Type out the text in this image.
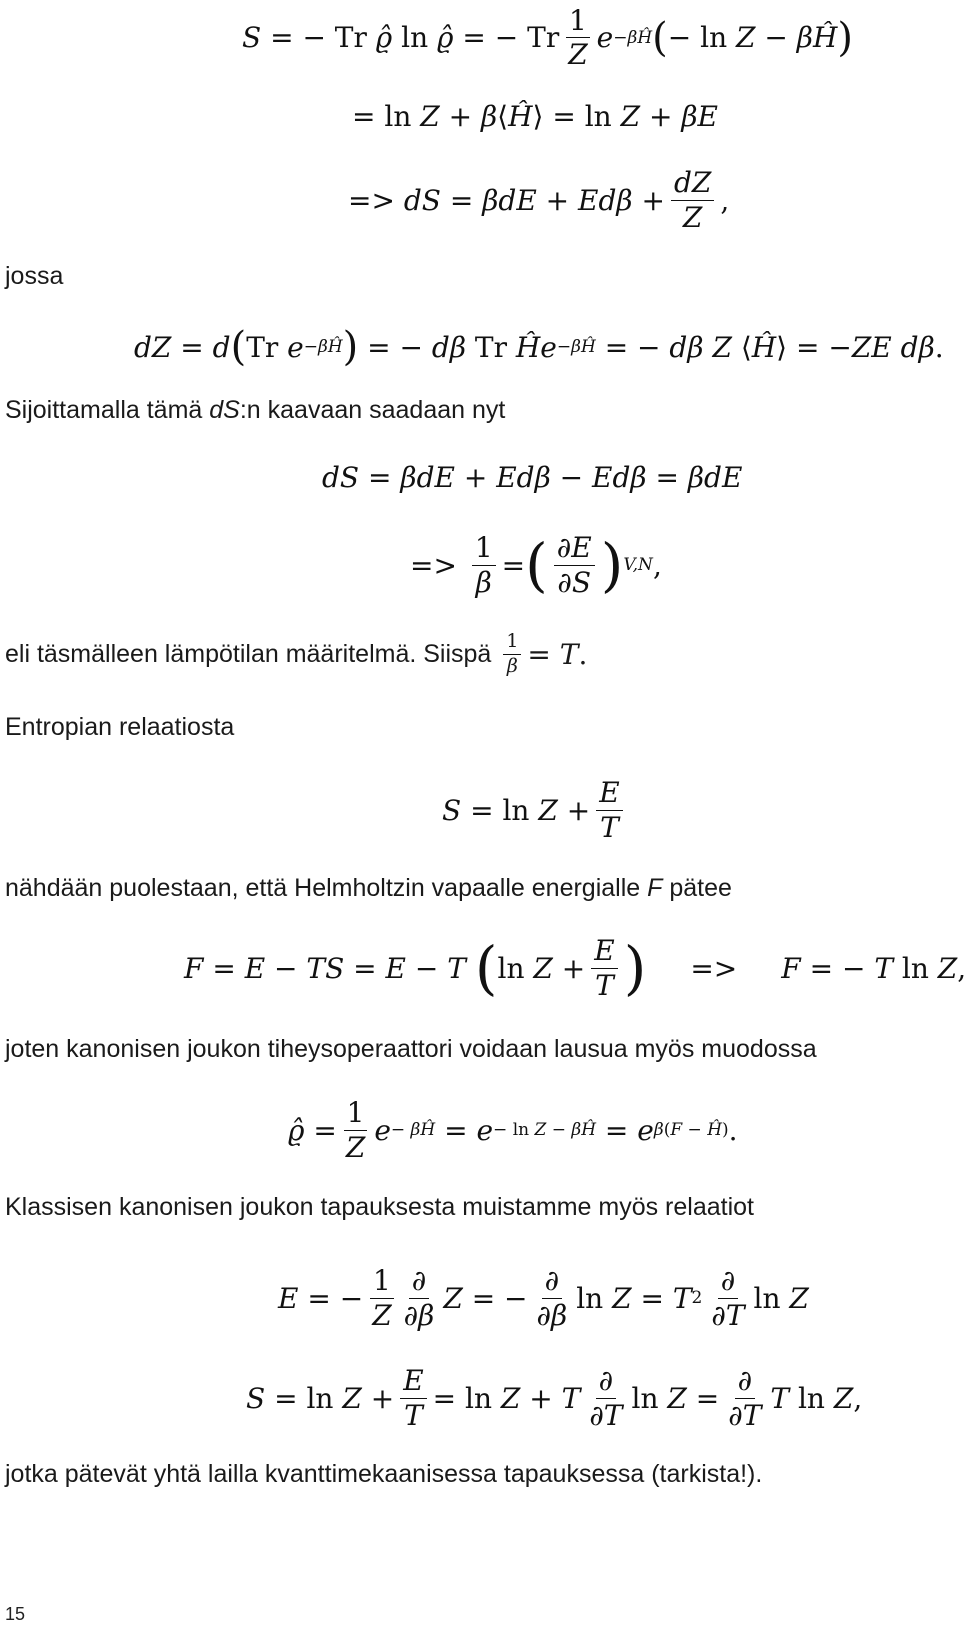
S = − Tr ϱ̂ ln ϱ̂ = − Tr $\frac{1}{Z}$ e −βĤ ( − ln Z − βĤ )
= ln Z + β ⟨ Ĥ ⟩ = ln Z + βE
=> dS = $\beta dE + Ed\beta + \frac{dZ}{Z}$ ,
jossa
dZ = d ( Tr e −βĤ ) = − dβ Tr Ĥe −βĤ = − dβ
Z ⟨ Ĥ ⟩ = − ZE
dβ .
Sijoittamalla tämä dS:n kaavaan saadaan nyt
dS = βdE + Edβ − Edβ = βdE
=> $\frac{1}{\beta}$ = ( $\frac{\partial E}{\partial S}$ ) V,N ,
eli täsmälleen lämpötilan määritelmä. Siispä $\frac{1}{\beta} = T$.
Entropian relaatiosta
$S = \ln Z + \frac{E}{T}$
nähdään puolestaan, että Helmholtzin vapaalle energialle F pätee
F = E − TS = E − T
( $\ln Z + \frac{E}{T}$ ) => F = − T ln Z ,
joten kanonisen joukon tiheysoperaattori voidaan lausua myös muodossa
ϱ̂ = $\frac{1}{Z}$ e − βĤ = e − ln Z − βĤ = e β(F − Ĥ) .
Klassisen kanonisen joukon tapauksesta muistamme myös relaatiot
E = − $\frac{1}{Z} \frac{\partial}{\partial\beta}$ Z = − $\frac{\partial}{\partial\beta}$ ln Z = T $2 \frac{\partial}{\partial T}$ ln Z
$S = \ln Z + \frac{E}{T} = \ln Z + T \frac{\partial}{\partial T}$ $\ln Z = \frac{\partial}{\partial T}$ T ln Z ,
jotka pätevät yhtä lailla kvanttimekaanisessa tapauksessa (tarkista!).
15
